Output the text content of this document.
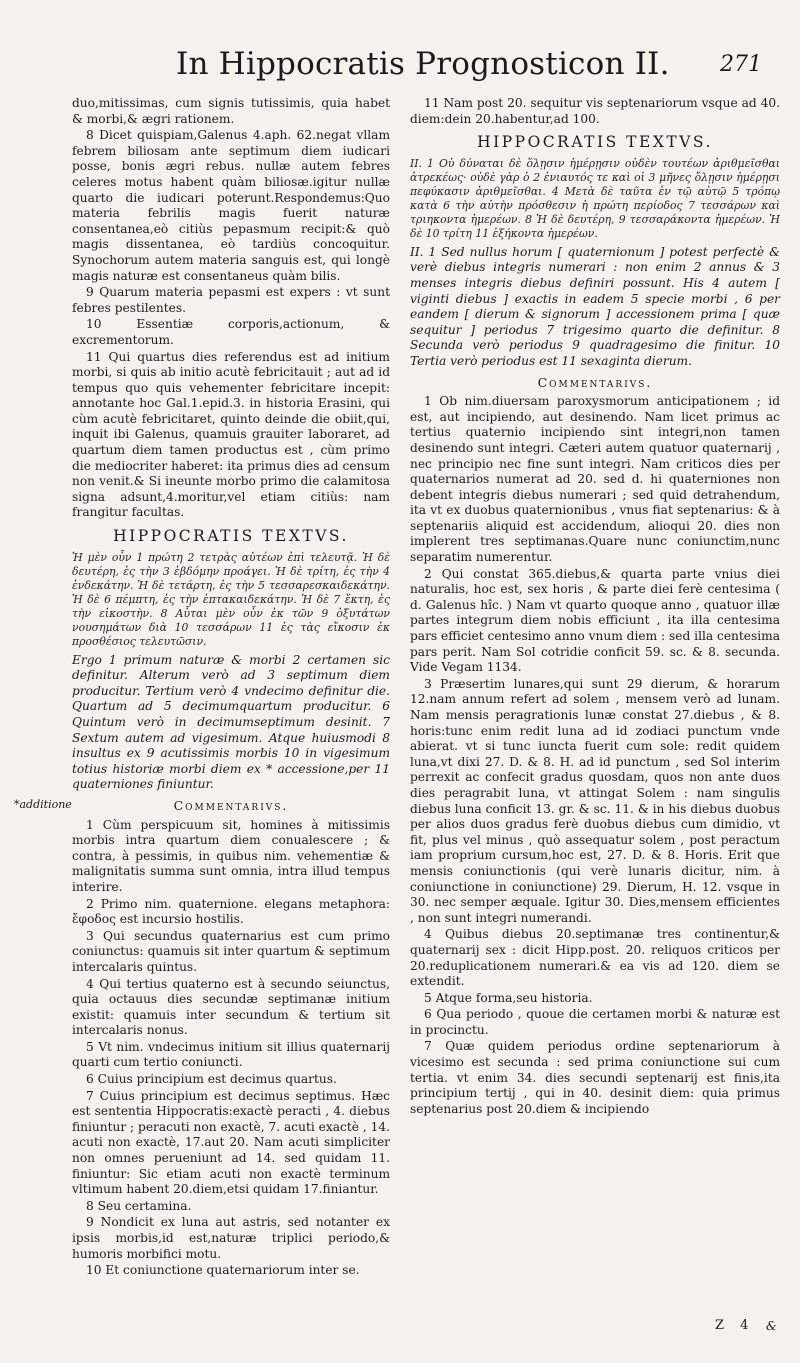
In Hippocratis Prognosticon II. 271
*additione

duo,mitissimas, cum signis tutissimis, quia habet & morbi,& ægri rationem.

8 Dicet quispiam,Galenus 4.aph. 62.negat vllam febrem biliosam ante septimum diem iudicari posse, bonis ægri rebus. nullæ autem febres celeres motus habent quàm biliosæ.igitur nullæ quarto die iudicari poterunt.Respondemus:Quo materia febrilis magis fuerit naturæ consentanea,eò citiùs pepasmum recipit:& quò magis dissentanea, eò tardiùs concoquitur. Synochorum autem materia sanguis est, qui longè magis naturæ est consentaneus quàm bilis.

9 Quarum materia pepasmi est expers : vt sunt febres pestilentes.

10 Essentiæ corporis,actionum, & excrementorum.

11 Qui quartus dies referendus est ad initium morbi, si quis ab initio acutè febricitauit ; aut ad id tempus quo quis vehementer febricitare incepit: annotante hoc Gal.1.epid.3. in historia Erasini, qui cùm acutè febricitaret, quinto deinde die obiit,qui, inquit ibi Galenus, quamuis grauiter laboraret, ad quartum diem tamen productus est , cùm primo die mediocriter haberet: ita primus dies ad censum non venit.& Si ineunte morbo primo die calamitosa signa adsunt,4.moritur,vel etiam citiùs: nam frangitur facultas.

HIPPOCRATIS TEXTVS.

Ἡ μὲν οὖν 1 πρώτη 2 τετρὰς αὐτέων ἐπὶ τελευτᾷ. Ἡ δὲ δευτέρη, ἐς τὴν 3 ἑβδόμην προάγει. Ἡ δὲ τρίτη, ἐς τὴν 4 ἑνδεκάτην. Ἡ δὲ τετάρτη, ἐς τὴν 5 τεσσαρεσκαιδεκάτην. Ἡ δὲ 6 πέμπτη, ἐς τὴν ἑπτακαιδεκάτην. Ἡ δὲ 7 ἕκτη, ἐς τὴν εἰκοστὴν. 8 Αὗται μὲν οὖν ἐκ τῶν 9 ὀξυτάτων νουσημάτων διὰ 10 τεσσάρων 11 ἐς τὰς εἴκοσιν ἐκ προσθέσιος τελευτῶσιν.

Ergo 1 primum naturæ & morbi 2 certamen sic definitur. Alterum verò ad 3 septimum diem producitur. Tertium verò 4 vndecimo definitur die. Quartum ad 5 decimumquartum producitur. 6 Quintum verò in decimumseptimum desinit. 7 Sextum autem ad vigesimum. Atque huiusmodi 8 insultus ex 9 acutissimis morbis 10 in vigesimum totius historiæ morbi diem ex * accessione,per 11 quaterniones finiuntur.

Commentarivs.

1 Cùm perspicuum sit, homines à mitissimis morbis intra quartum diem conualescere ; & contra, à pessimis, in quibus nim. vehementiæ & malignitatis summa sunt omnia, intra illud tempus interire.

2 Primo nim. quaternione. elegans metaphora: ἔφοδος est incursio hostilis.

3 Qui secundus quaternarius est cum primo coniunctus: quamuis sit inter quartum & septimum intercalaris quintus.

4 Qui tertius quaterno est à secundo seiunctus, quia octauus dies secundæ septimanæ initium existit: quamuis inter secundum & tertium sit intercalaris nonus.

5 Vt nim. vndecimus initium sit illius quaternarij quarti cum tertio coniuncti.

6 Cuius principium est decimus quartus.

7 Cuius principium est decimus septimus. Hæc est sententia Hippocratis:exactè peracti , 4. diebus finiuntur ; peracuti non exactè, 7. acuti exactè , 14. acuti non exactè, 17.aut 20. Nam acuti simpliciter non omnes perueniunt ad 14. sed quidam 11. finiuntur: Sic etiam acuti non exactè terminum vltimum habent 20.diem,etsi quidam 17.finiantur.

8 Seu certamina.

9 Nondicit ex luna aut astris, sed notanter ex ipsis morbis,id est,naturæ triplici periodo,& humoris morbifici motu.

10 Et coniunctione quaternariorum inter se.

11 Nam post 20. sequitur vis septenariorum vsque ad 40. diem:dein 20.habentur,ad 100.

HIPPOCRATIS TEXTVS.

II. 1 Οὐ δύναται δὲ ὅλῃσιν ἡμέρῃσιν οὐδὲν τουτέων ἀριθμεῖσθαι ἀτρεκέως· οὐδὲ γὰρ ὁ 2 ἐνιαυτός τε καὶ οἱ 3 μῆνες ὅλῃσιν ἡμέρῃσι πεφύκασιν ἀριθμεῖσθαι. 4 Μετὰ δὲ ταῦτα ἐν τῷ αὐτῷ 5 τρόπῳ κατὰ 6 τὴν αὐτὴν πρόσθεσιν ἡ πρώτη περίοδος 7 τεσσάρων καὶ τριηκοντα ἡμερέων. 8 Ἡ δὲ δευτέρη, 9 τεσσαράκοντα ἡμερέων. Ἡ δὲ 10 τρίτη 11 ἑξήκοντα ἡμερέων.

II. 1 Sed nullus horum [ quaternionum ] potest perfectè & verè diebus integris numerari : non enim 2 annus & 3 menses integris diebus definiri possunt. His 4 autem [ viginti diebus ] exactis in eadem 5 specie morbi , 6 per eandem [ dierum & signorum ] accessionem prima [ quæ sequitur ] periodus 7 trigesimo quarto die definitur. 8 Secunda verò periodus 9 quadragesimo die finitur. 10 Tertia verò periodus est 11 sexaginta dierum.

Commentarivs.

1 Ob nim.diuersam paroxysmorum anticipationem ; id est, aut incipiendo, aut desinendo. Nam licet primus ac tertius quaternio incipiendo sint integri,non tamen desinendo sunt integri. Cæteri autem quatuor quaternarij , nec principio nec fine sunt integri. Nam criticos dies per quaternarios numerat ad 20. sed d. hi quaterniones non debent integris diebus numerari ; sed quid detrahendum, ita vt ex duobus quaternionibus , vnus fiat septenarius: & à septenariis aliquid est accidendum, alioqui 20. dies non implerent tres septimanas.Quare nunc coniunctim,nunc separatim numerentur.

2 Qui constat 365.diebus,& quarta parte vnius diei naturalis, hoc est, sex horis , & parte diei ferè centesima ( d. Galenus hîc. ) Nam vt quarto quoque anno , quatuor illæ partes integrum diem nobis efficiunt , ita illa centesima pars efficiet centesimo anno vnum diem : sed illa centesima pars perit. Nam Sol cotridie conficit 59. sc. & 8. secunda. Vide Vegam 1134.

3 Præsertim lunares,qui sunt 29 dierum, & horarum 12.nam annum refert ad solem , mensem verò ad lunam. Nam mensis peragrationis lunæ constat 27.diebus , & 8. horis:tunc enim redit luna ad id zodiaci punctum vnde abierat. vt si tunc iuncta fuerit cum sole: redit quidem luna,vt dixi 27. D. & 8. H. ad id punctum , sed Sol interim perrexit ac confecit gradus quosdam, quos non ante duos dies peragrabit luna, vt attingat Solem : nam singulis diebus luna conficit 13. gr. & sc. 11. & in his diebus duobus per alios duos gradus ferè duobus diebus cum dimidio, vt fit, plus vel minus , quò assequatur solem , post peractum iam proprium cursum,hoc est, 27. D. & 8. Horis. Erit que mensis coniunctionis (qui verè lunaris dicitur, nim. à coniunctione in coniunctione) 29. Dierum, H. 12. vsque in 30. nec semper æquale. Igitur 30. Dies,mensem efficientes , non sunt integri numerandi.

4 Quibus diebus 20.septimanæ tres continentur,& quaternarij sex : dicit Hipp.post. 20. reliquos criticos per 20.reduplicationem numerari.& ea vis ad 120. diem se extendit.

5 Atque forma,seu historia.

6 Qua periodo , quoue die certamen morbi & naturæ est in procinctu.

7 Quæ quidem periodus ordine septenariorum à vicesimo est secunda : sed prima coniunctione sui cum tertia. vt enim 34. dies secundi septenarij est finis,ita principium tertij , qui in 40. desinit diem: quia primus septenarius post 20.diem & incipiendo

Z 4 &
